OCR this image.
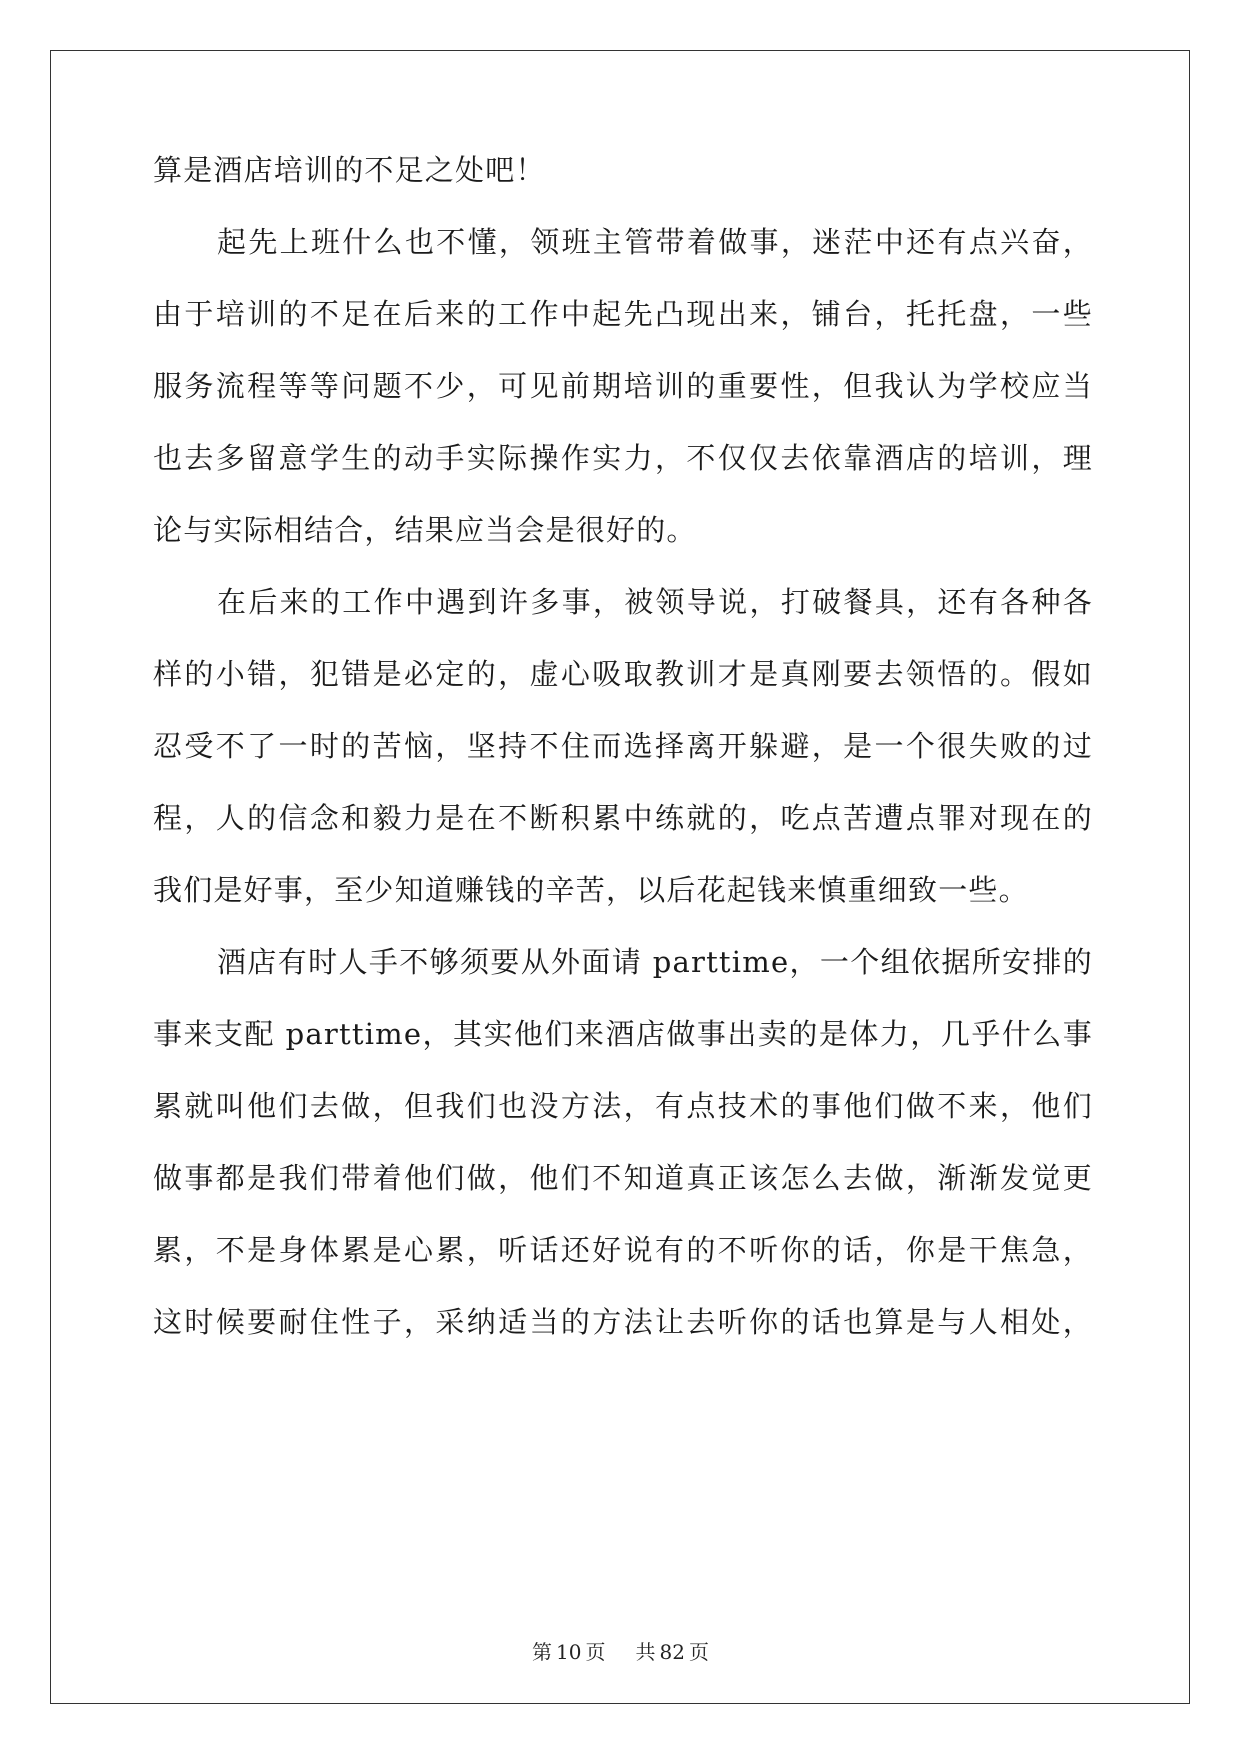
算是酒店培训的不足之处吧！
起先上班什么也不懂，领班主管带着做事，迷茫中还有点兴奋，
由于培训的不足在后来的工作中起先凸现出来，铺台，托托盘，一些
服务流程等等问题不少，可见前期培训的重要性，但我认为学校应当
也去多留意学生的动手实际操作实力，不仅仅去依靠酒店的培训，理
论与实际相结合，结果应当会是很好的。
在后来的工作中遇到许多事，被领导说，打破餐具，还有各种各
样的小错，犯错是必定的，虚心吸取教训才是真刚要去领悟的。假如
忍受不了一时的苦恼，坚持不住而选择离开躲避，是一个很失败的过
程，人的信念和毅力是在不断积累中练就的，吃点苦遭点罪对现在的
我们是好事，至少知道赚钱的辛苦，以后花起钱来慎重细致一些。
酒店有时人手不够须要从外面请 parttime，一个组依据所安排的
事来支配 parttime，其实他们来酒店做事出卖的是体力，几乎什么事
累就叫他们去做，但我们也没方法，有点技术的事他们做不来，他们
做事都是我们带着他们做，他们不知道真正该怎么去做，渐渐发觉更
累，不是身体累是心累，听话还好说有的不听你的话，你是干焦急，
这时候要耐住性子，采纳适当的方法让去听你的话也算是与人相处，
第 10 页 共 82 页
